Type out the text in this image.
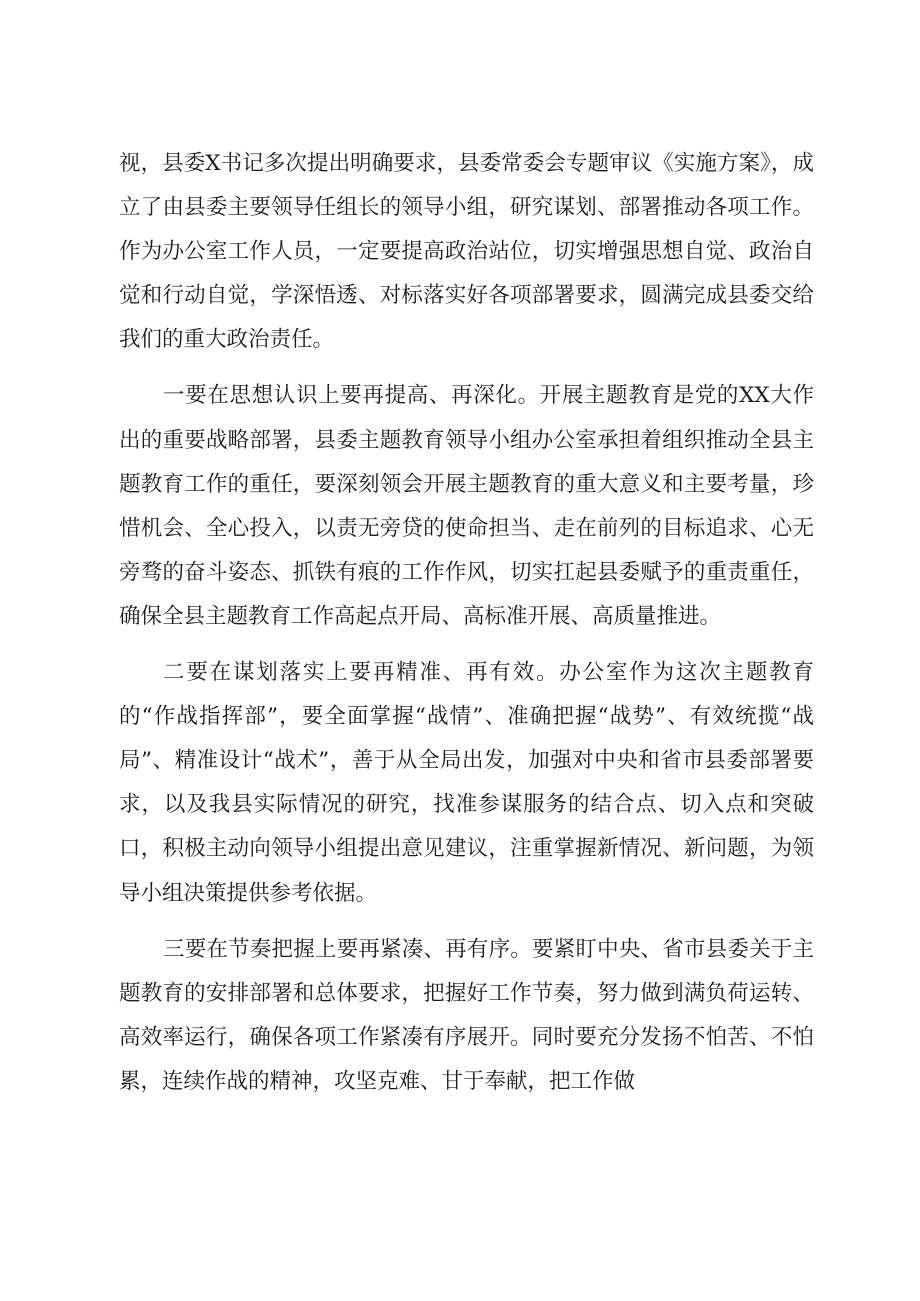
视，县委X书记多次提出明确要求，县委常委会专题审议《实施方案》，成立了由县委主要领导任组长的领导小组，研究谋划、部署推动各项工作。作为办公室工作人员，一定要提高政治站位，切实增强思想自觉、政治自觉和行动自觉，学深悟透、对标落实好各项部署要求，圆满完成县委交给我们的重大政治责任。

一要在思想认识上要再提高、再深化。开展主题教育是党的XX大作出的重要战略部署，县委主题教育领导小组办公室承担着组织推动全县主题教育工作的重任，要深刻领会开展主题教育的重大意义和主要考量，珍惜机会、全心投入，以责无旁贷的使命担当、走在前列的目标追求、心无旁骛的奋斗姿态、抓铁有痕的工作作风，切实扛起县委赋予的重责重任，确保全县主题教育工作高起点开局、高标准开展、高质量推进。

二要在谋划落实上要再精准、再有效。办公室作为这次主题教育的“作战指挥部”，要全面掌握“战情”、准确把握“战势”、有效统揽“战局”、精准设计“战术”，善于从全局出发，加强对中央和省市县委部署要求，以及我县实际情况的研究，找准参谋服务的结合点、切入点和突破口，积极主动向领导小组提出意见建议，注重掌握新情况、新问题，为领导小组决策提供参考依据。

三要在节奏把握上要再紧凑、再有序。要紧盯中央、省市县委关于主题教育的安排部署和总体要求，把握好工作节奏，努力做到满负荷运转、高效率运行，确保各项工作紧凑有序展开。同时要充分发扬不怕苦、不怕累，连续作战的精神，攻坚克难、甘于奉献，把工作做
